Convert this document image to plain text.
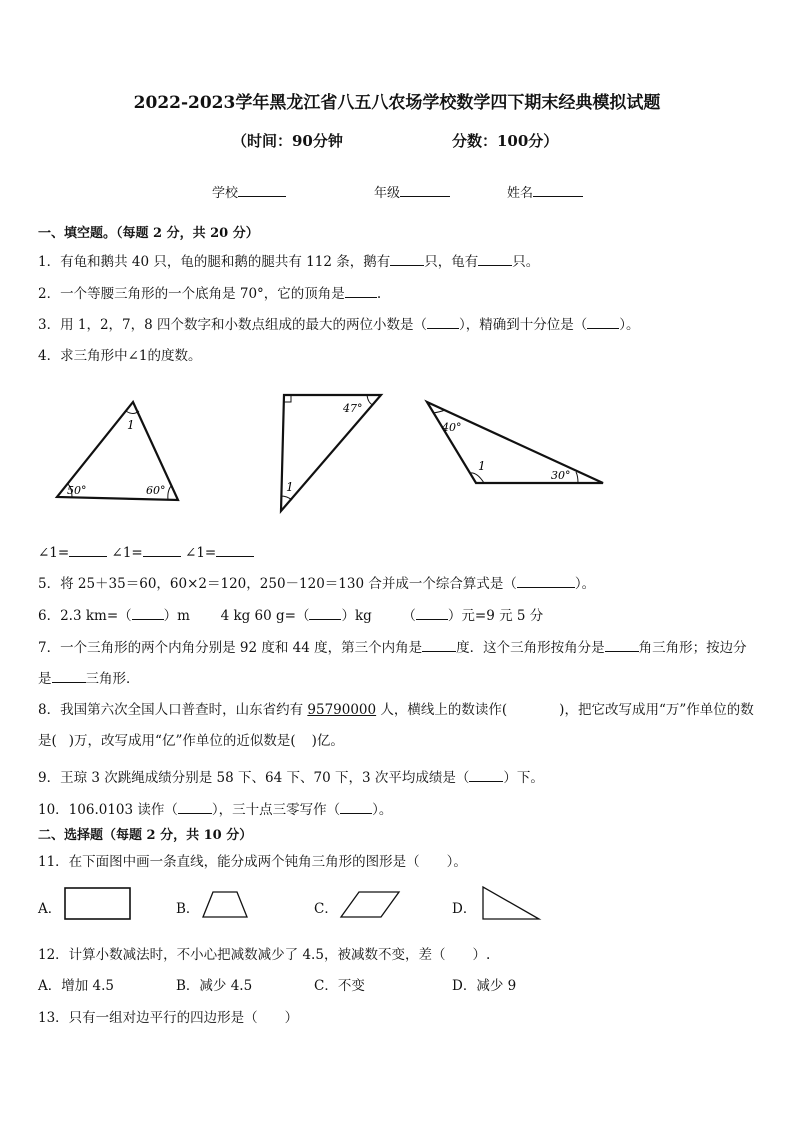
2022-2023学年黑龙江省八五八农场学校数学四下期末经典模拟试题
（时间：90分钟	分数：100分）
学校	年级	姓名
一、填空题。（每题 2 分，共 20 分）
1．有龟和鹅共 40 只，龟的腿和鹅的腿共有 112 条，鹅有	只，龟有	只。
2．一个等腰三角形的一个底角是 70°，它的顶角是 .
3．用 1，2，7，8 四个数字和小数点组成的最大的两位小数是（ ），精确到十分位是（ ）。
4．求三角形中∠1的度数。
1
50°	60°
47°
1
40°
1
30°
∠1=	∠1=	∠1=
5．将 25＋35＝60，60×2＝120，250－120＝130 合并成一个综合算式是（	）。
6．2.3 km=（ ）m 4 kg 60 g=（ ）kg （ ）元=9 元 5 分
7．一个三角形的两个内角分别是 92 度和 44 度，第三个内角是	度．这个三角形按角分是	角三角形；按边分
是	三角形．
8．我国第六次全国人口普查时，山东省约有 95790000 人，横线上的数读作(	)，把它改写成用“万”作单位的数
是( )万，改写成用“亿”作单位的近似数是( )亿。
9．王琼 3 次跳绳成绩分别是 58 下、64 下、70 下，3 次平均成绩是（	）下。
10．106.0103 读作（	），三十点三零写作（ ）。
二、选择题（每题 2 分，共 10 分）
11．在下面图中画一条直线，能分成两个钝角三角形的图形是（　　）。
A．	B．	C．	D．
12．计算小数减法时，不小心把减数减少了 4.5，被减数不变，差（　　）.
A．增加 4.5	B．减少 4.5	C．不变	D．减少 9
13．只有一组对边平行的四边形是（　　）
